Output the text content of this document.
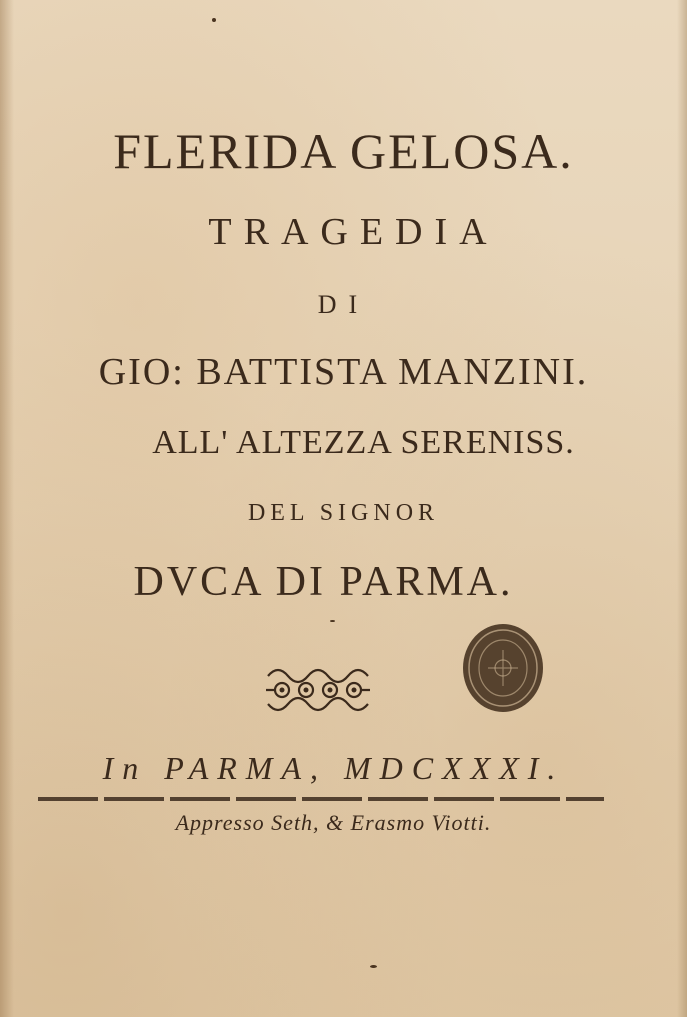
FLERIDA GELOSA.
TRAGEDIA
DI
GIO: BATTISTA MANZINI.
ALL' ALTEZZA SERENISS.
DEL SIGNOR
DVCA DI PARMA.
In PARMA, MDCXXXI.
Appresso Seth, & Erasmo Viotti.
